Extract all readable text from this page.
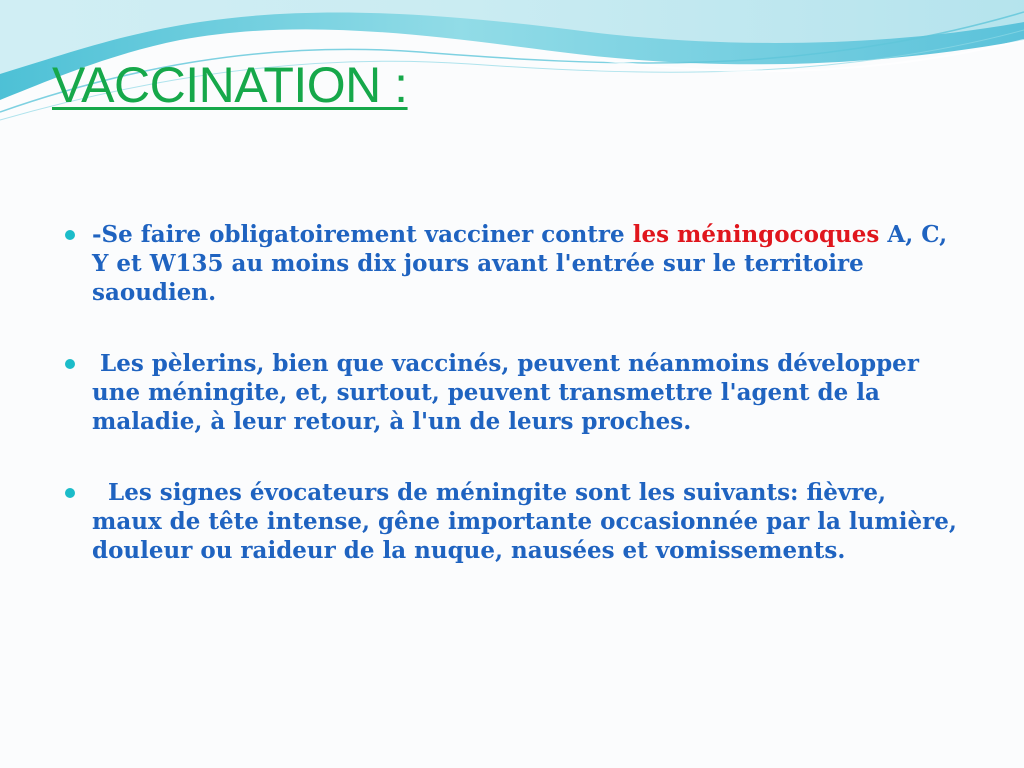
VACCINATION :
-Se faire obligatoirement vacciner contre les méningocoques A, C, Y et W135 au moins dix jours avant l'entrée sur le territoire saoudien.
Les pèlerins, bien que vaccinés, peuvent néanmoins développer une méningite, et, surtout, peuvent transmettre l'agent de la maladie, à leur retour, à l'un de leurs proches.
Les signes évocateurs de méningite sont les suivants: fièvre, maux de tête intense, gêne importante occasionnée par la lumière, douleur ou raideur de la nuque, nausées et vomissements.
